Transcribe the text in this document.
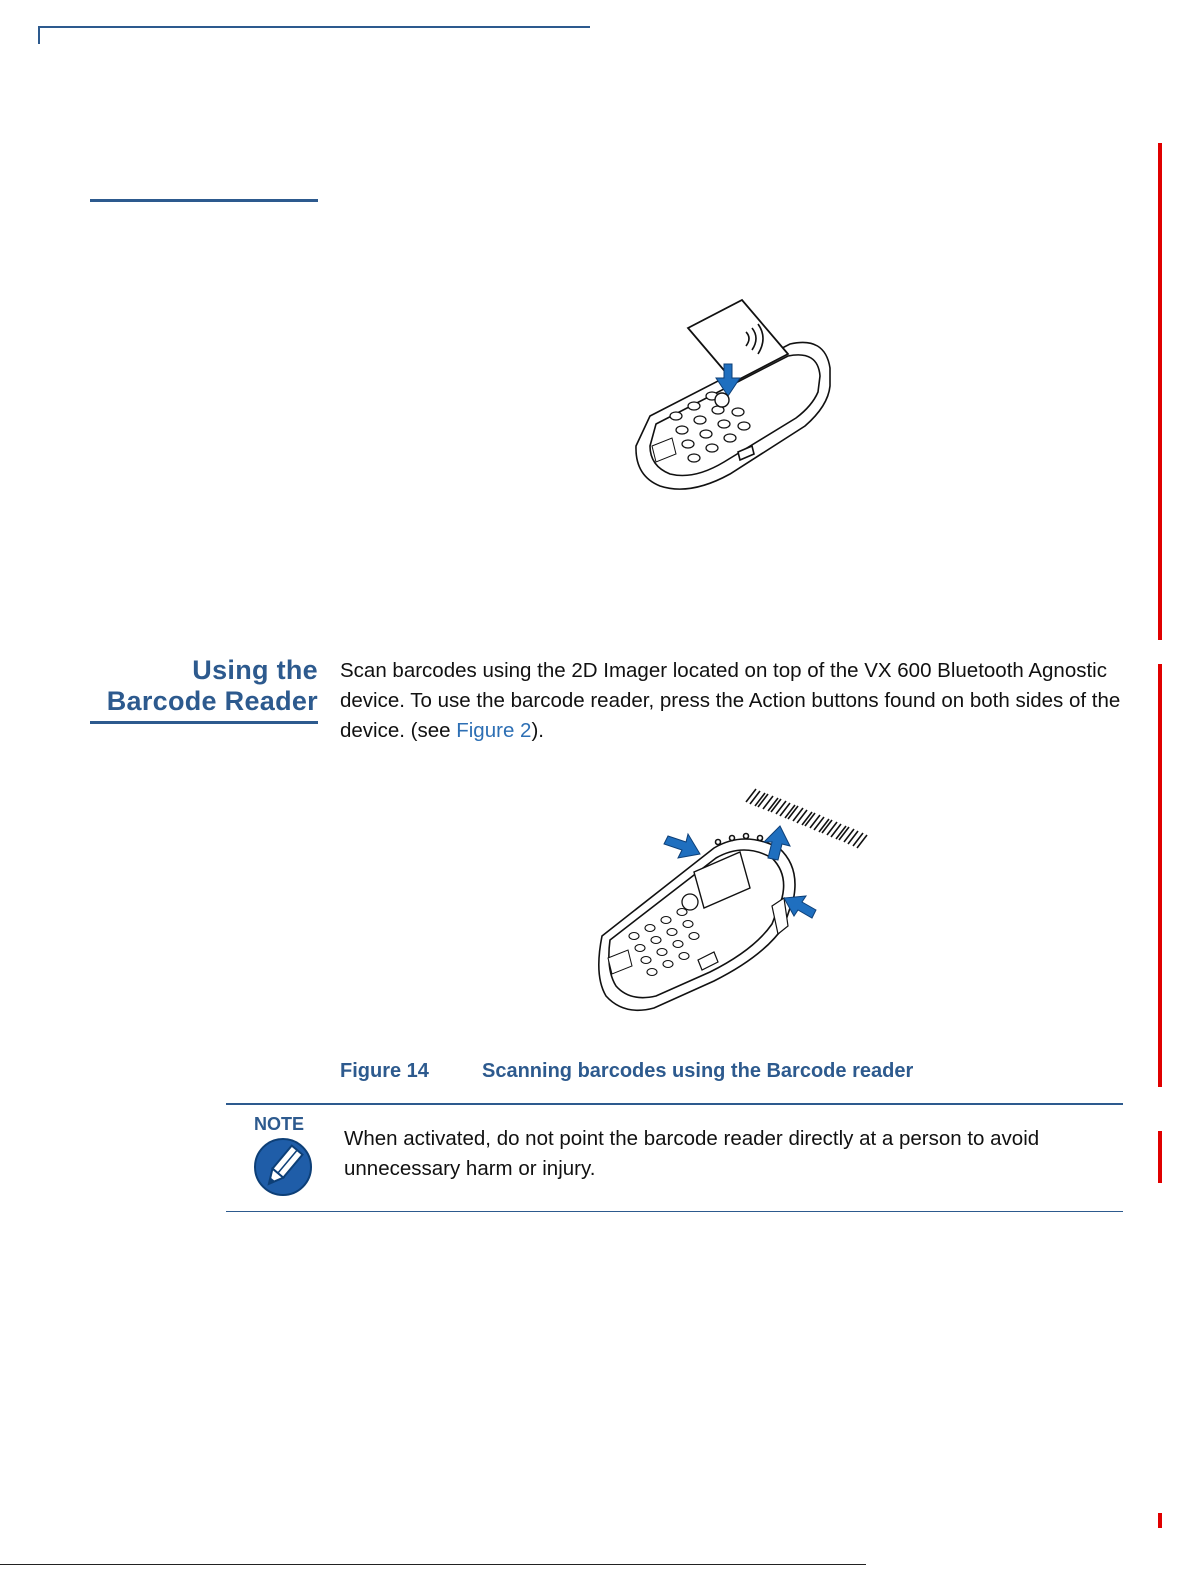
Using the
Barcode Reader
Scan barcodes using the 2D Imager located on top of the VX 600 Bluetooth Agnostic device. To use the barcode reader, press the Action buttons found on both sides of the device. (see Figure 2).
Figure 14	Scanning barcodes using the Barcode reader
NOTE
When activated, do not point the barcode reader directly at a person to avoid unnecessary harm or injury.
